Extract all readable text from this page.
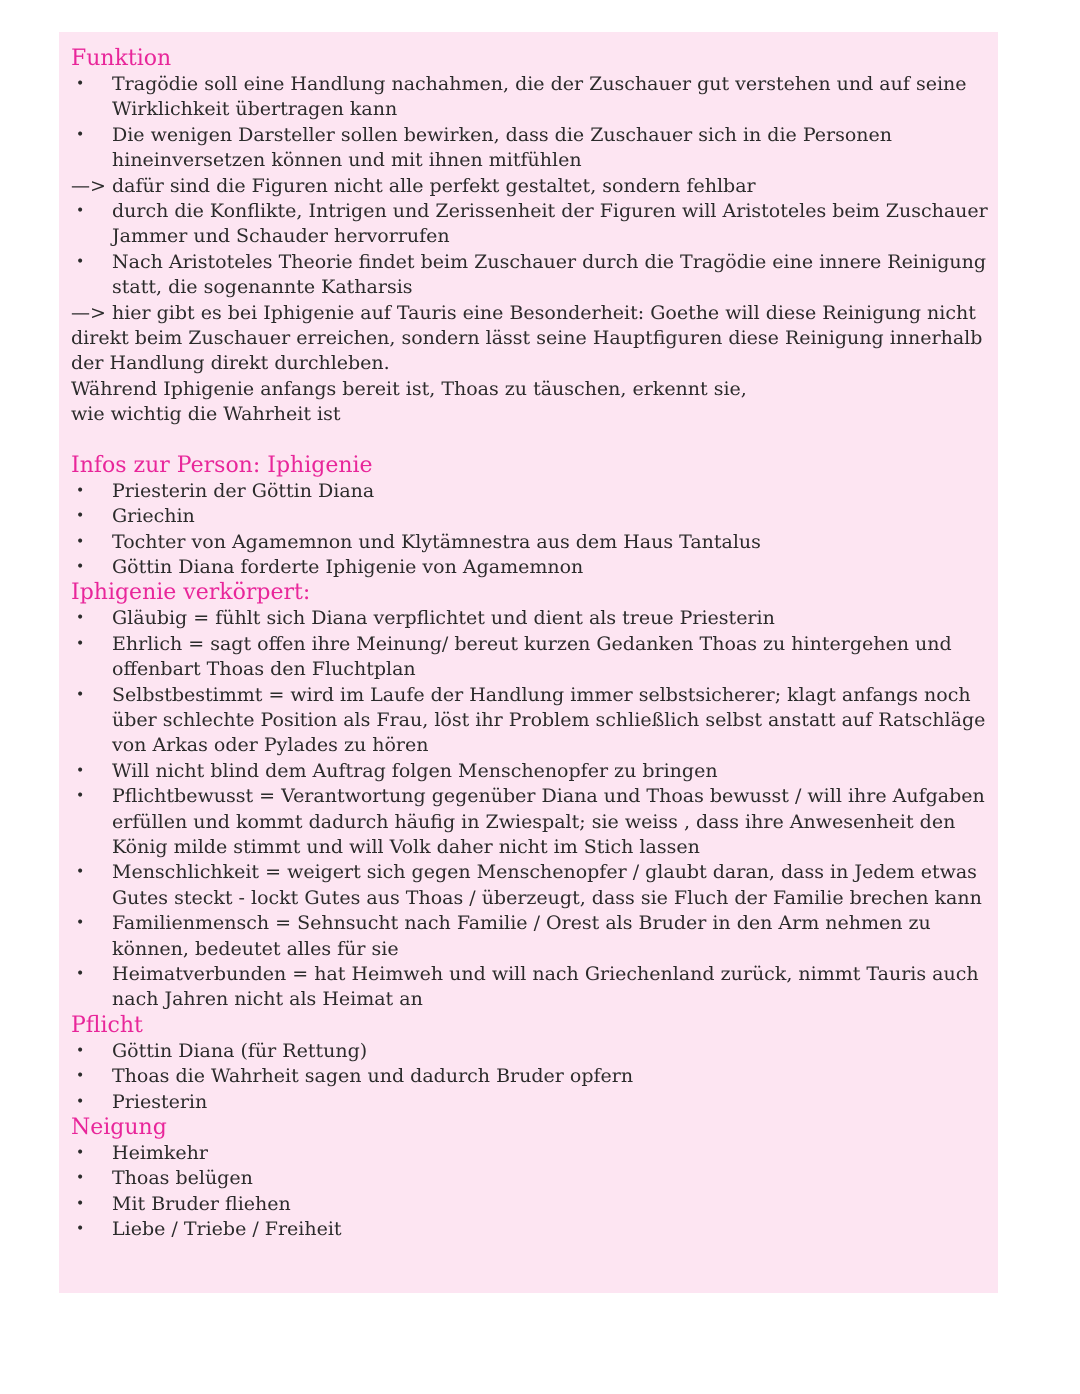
Funktion
• Tragödie soll eine Handlung nachahmen, die der Zuschauer gut verstehen und auf seine Wirklichkeit übertragen kann
• Die wenigen Darsteller sollen bewirken, dass die Zuschauer sich in die Personen hineinversetzen können und mit ihnen mitfühlen

—> dafür sind die Figuren nicht alle perfekt gestaltet, sondern fehlbar

• durch die Konflikte, Intrigen und Zerissenheit der Figuren will Aristoteles beim Zuschauer Jammer und Schauder hervorrufen
• Nach Aristoteles Theorie findet beim Zuschauer durch die Tragödie eine innere Reinigung statt, die sogenannte Katharsis

—> hier gibt es bei Iphigenie auf Tauris eine Besonderheit: Goethe will diese Reinigung nicht direkt beim Zuschauer erreichen, sondern lässt seine Hauptfiguren diese Reinigung innerhalb der Handlung direkt durchleben.

Während Iphigenie anfangs bereit ist, Thoas zu täuschen, erkennt sie,

wie wichtig die Wahrheit ist

Infos zur Person: Iphigenie
• Priesterin der Göttin Diana
• Griechin
• Tochter von Agamemnon und Klytämnestra aus dem Haus Tantalus
• Göttin Diana forderte Iphigenie von Agamemnon
Iphigenie verkörpert:
• Gläubig = fühlt sich Diana verpflichtet und dient als treue Priesterin
• Ehrlich = sagt offen ihre Meinung/ bereut kurzen Gedanken Thoas zu hintergehen und offenbart Thoas den Fluchtplan
• Selbstbestimmt = wird im Laufe der Handlung immer selbstsicherer; klagt anfangs noch über schlechte Position als Frau, löst ihr Problem schließlich selbst anstatt auf Ratschläge von Arkas oder Pylades zu hören
• Will nicht blind dem Auftrag folgen Menschenopfer zu bringen
• Pflichtbewusst = Verantwortung gegenüber Diana und Thoas bewusst / will ihre Aufgaben erfüllen und kommt dadurch häufig in Zwiespalt; sie weiss , dass ihre Anwesenheit den König milde stimmt und will Volk daher nicht im Stich lassen
• Menschlichkeit = weigert sich gegen Menschenopfer / glaubt daran, dass in Jedem etwas Gutes steckt - lockt Gutes aus Thoas / überzeugt, dass sie Fluch der Familie brechen kann
• Familienmensch = Sehnsucht nach Familie / Orest als Bruder in den Arm nehmen zu können, bedeutet alles für sie
• Heimatverbunden = hat Heimweh und will nach Griechenland zurück, nimmt Tauris auch nach Jahren nicht als Heimat an
Pflicht
• Göttin Diana (für Rettung)
• Thoas die Wahrheit sagen und dadurch Bruder opfern
• Priesterin
Neigung
• Heimkehr
• Thoas belügen
• Mit Bruder fliehen
• Liebe / Triebe / Freiheit
